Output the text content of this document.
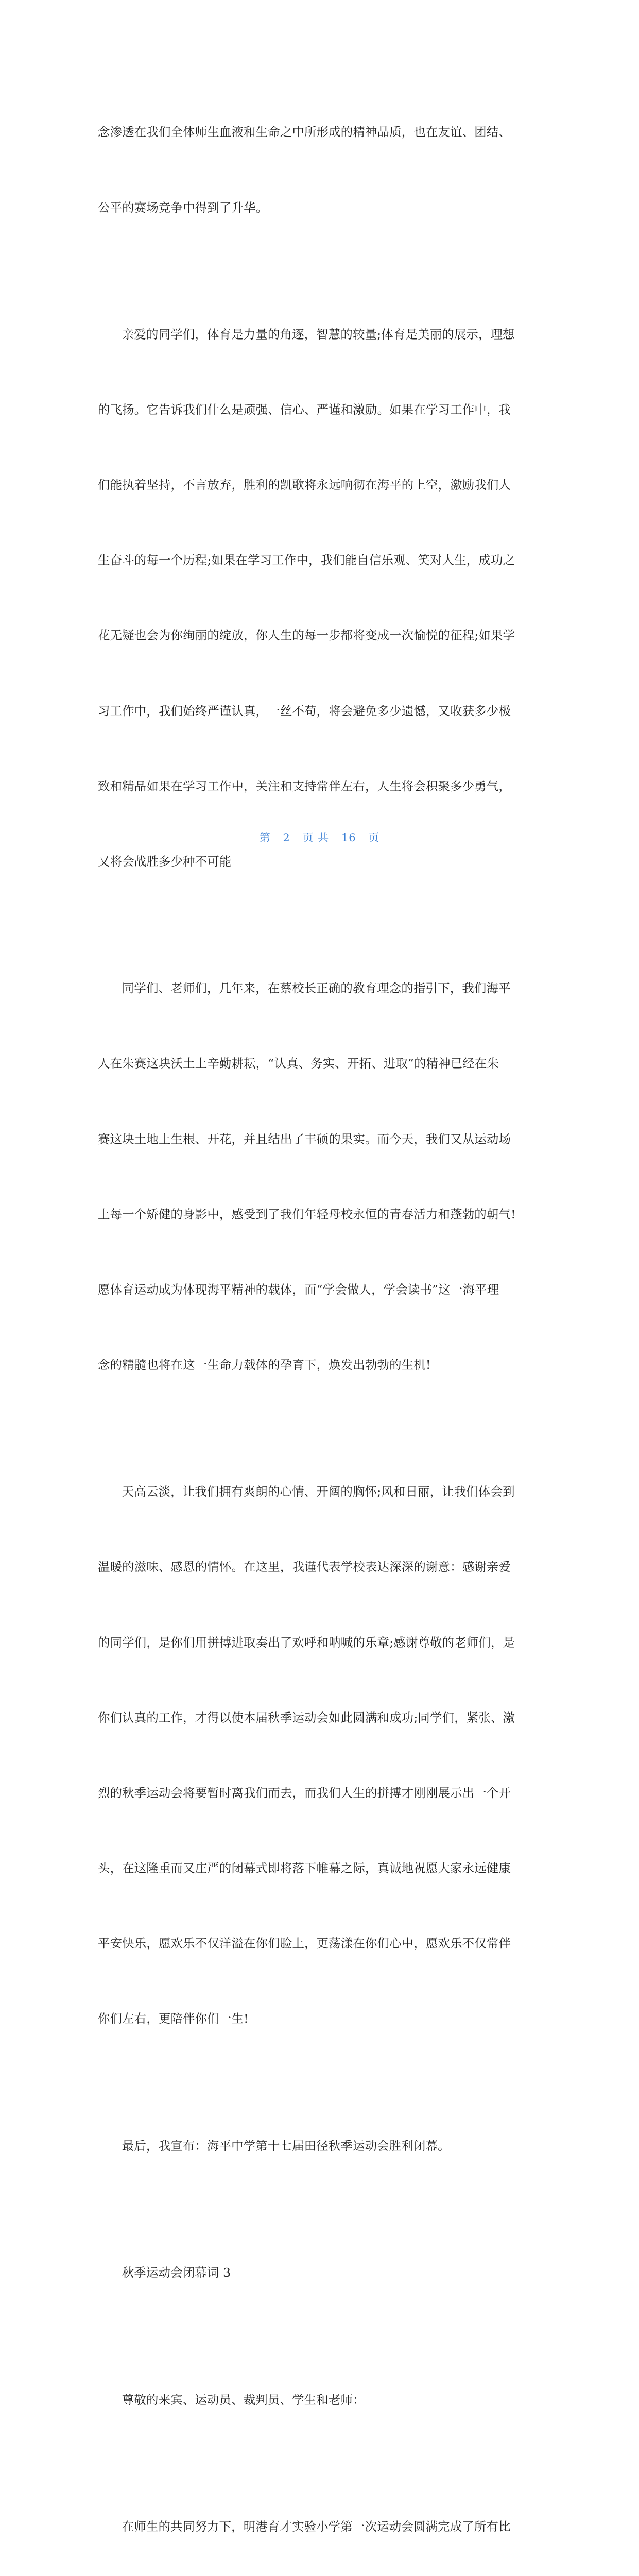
念渗透在我们全体师生血液和生命之中所形成的精神品质，也在友谊、团结、

公平的赛场竞争中得到了升华。

亲爱的同学们，体育是力量的角逐，智慧的较量;体育是美丽的展示，理想

的飞扬。它告诉我们什么是顽强、信心、严谨和激励。如果在学习工作中，我

们能执着坚持，不言放弃，胜利的凯歌将永远响彻在海平的上空，激励我们人

生奋斗的每一个历程;如果在学习工作中，我们能自信乐观、笑对人生，成功之

花无疑也会为你绚丽的绽放，你人生的每一步都将变成一次愉悦的征程;如果学

习工作中，我们始终严谨认真，一丝不苟，将会避免多少遗憾，又收获多少极

致和精品如果在学习工作中，关注和支持常伴左右，人生将会积聚多少勇气，

又将会战胜多少种不可能

同学们、老师们，几年来，在蔡校长正确的教育理念的指引下，我们海平

人在朱赛这块沃土上辛勤耕耘，“认真、务实、开拓、进取”的精神已经在朱

赛这块土地上生根、开花，并且结出了丰硕的果实。而今天，我们又从运动场

上每一个矫健的身影中，感受到了我们年轻母校永恒的青春活力和蓬勃的朝气!

愿体育运动成为体现海平精神的载体，而“学会做人，学会读书”这一海平理

念的精髓也将在这一生命力载体的孕育下，焕发出勃勃的生机!

天高云淡，让我们拥有爽朗的心情、开阔的胸怀;风和日丽，让我们体会到

温暖的滋味、感恩的情怀。在这里，我谨代表学校表达深深的谢意：感谢亲爱

的同学们，是你们用拼搏进取奏出了欢呼和呐喊的乐章;感谢尊敬的老师们，是

你们认真的工作，才得以使本届秋季运动会如此圆满和成功;同学们，紧张、激

烈的秋季运动会将要暂时离我们而去，而我们人生的拼搏才刚刚展示出一个开

头，在这隆重而又庄严的闭幕式即将落下帷幕之际，真诚地祝愿大家永远健康

平安快乐，愿欢乐不仅洋溢在你们脸上，更荡漾在你们心中，愿欢乐不仅常伴

你们左右，更陪伴你们一生!

最后，我宣布：海平中学第十七届田径秋季运动会胜利闭幕。

秋季运动会闭幕词 3

尊敬的来宾、运动员、裁判员、学生和老师：

在师生的共同努力下，明港育才实验小学第一次运动会圆满完成了所有比

第 2 页 共 16 页
